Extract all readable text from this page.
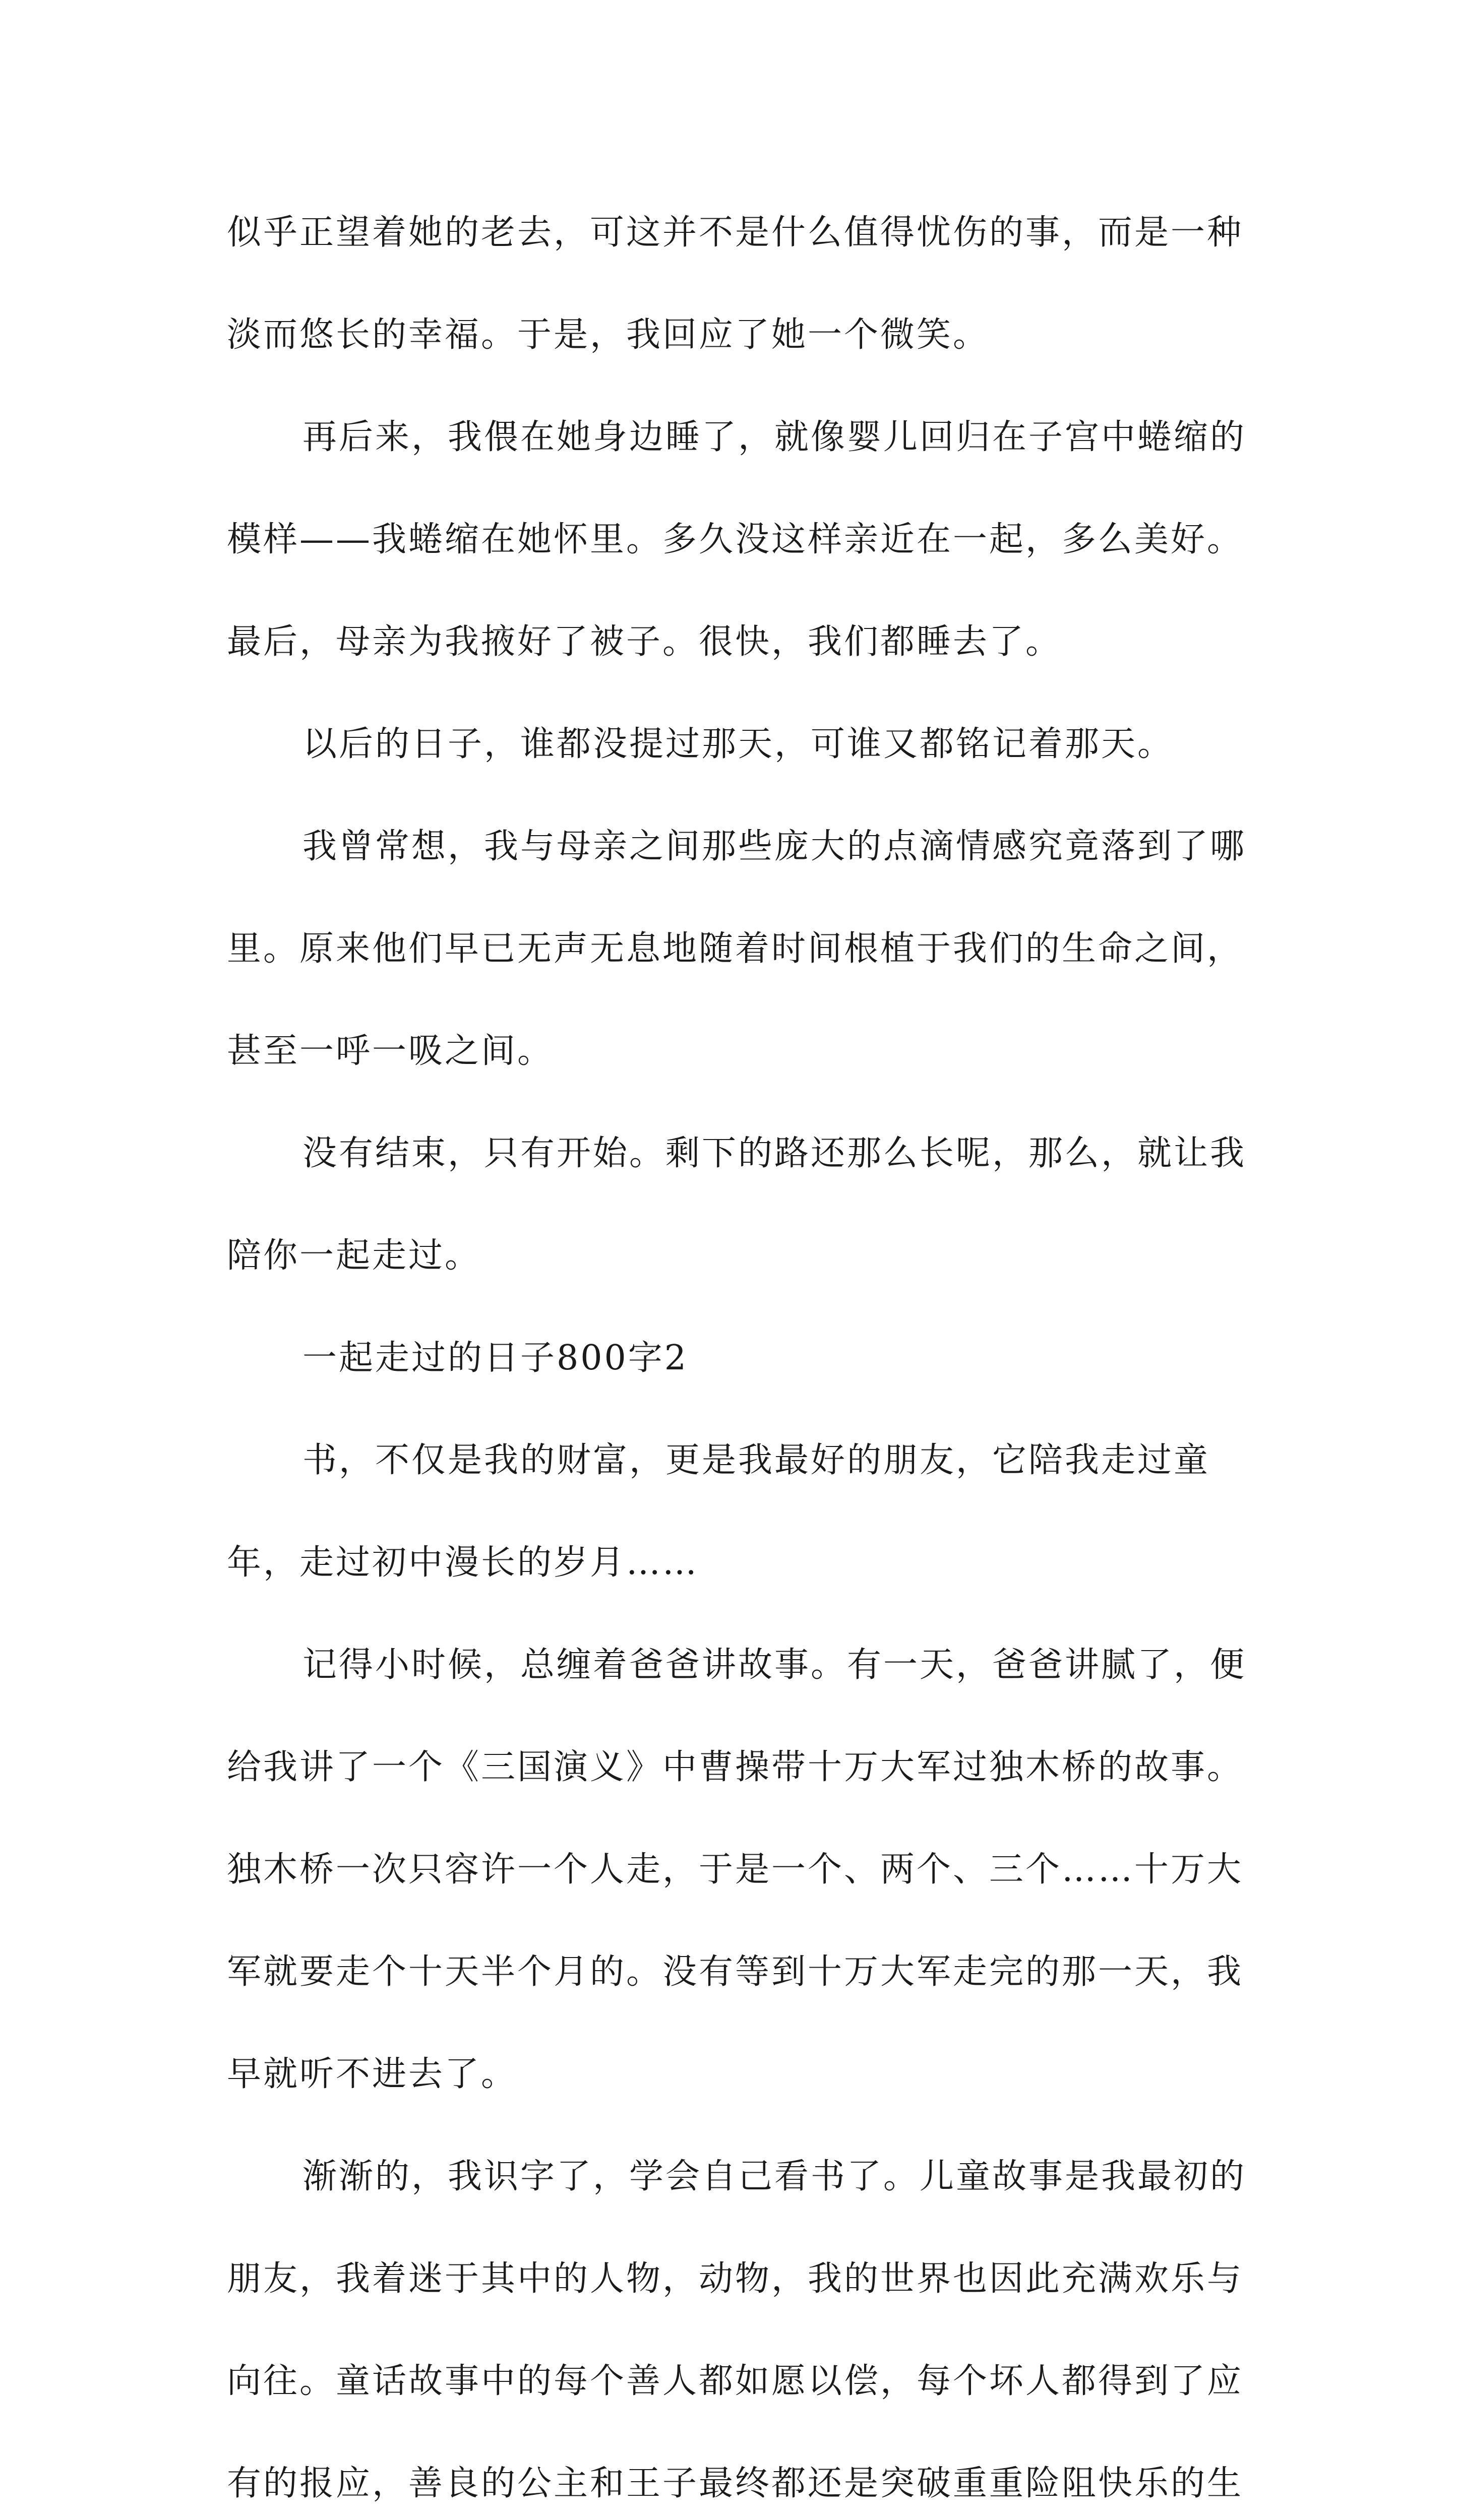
似乎正望着她的老去，可这并不是什么值得忧伤的事，而是一种淡而悠长的幸福。于是，我回应了她一个微笑。

再后来，我偎在她身边睡了，就像婴儿回归在子宫中蜷缩的模样——我蜷缩在她怀里。多久没这样亲近在一起，多么美好。最后，母亲为我掖好了被子。很快，我们都睡去了。

以后的日子，谁都没提过那天，可谁又都铭记着那天。

我曾常想，我与母亲之间那些庞大的点滴情感究竟落到了哪里。原来他们早已无声无息地随着时间根植于我们的生命之间，甚至一呼一吸之间。

没有结束，只有开始。剩下的路还那么长呢，那么，就让我陪你一起走过。

一起走过的日子800字2

书，不仅是我的财富，更是我最好的朋友，它陪我走过童年，走过初中漫长的岁月……

记得小时候，总缠着爸爸讲故事。有一天，爸爸讲腻了，便给我讲了一个《三国演义》中曹操带十万大军过独木桥的故事。独木桥一次只容许一个人走，于是一个、两个、三个……十万大军就要走个十天半个月的。没有等到十万大军走完的那一天，我早就听不进去了。

渐渐的，我识字了，学会自己看书了。儿童故事是我最初的朋友，我着迷于其中的人物，动物，我的世界也因此充满欢乐与向往。童话故事中的每个善人都如愿以偿，每个坏人都得到了应有的报应，善良的公主和王子最终都还是突破重重险阻快乐的生
